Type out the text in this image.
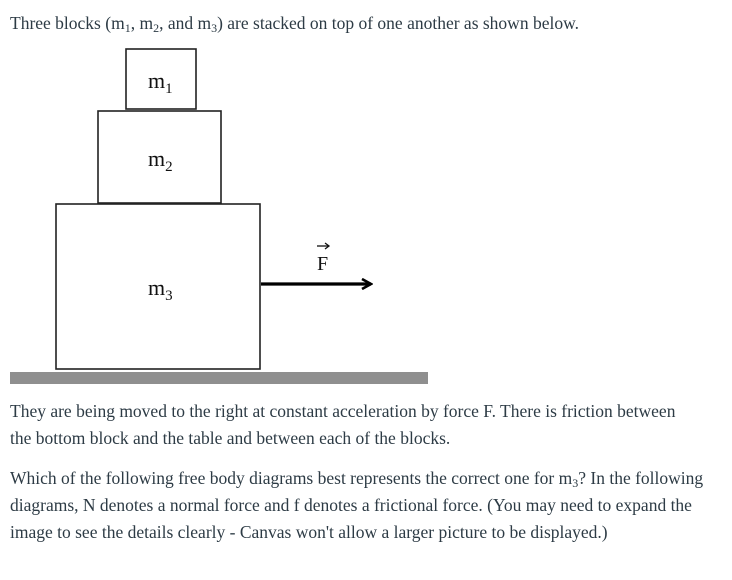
Three blocks ($m_1$, $m_2$, and $m_3$) are stacked on top of one another as shown below.

$m_3$
$m_2$
$m_1$
F

They are being moved to the right at constant acceleration by force F. There is friction between the bottom block and the table and between each of the blocks.

Which of the following free body diagrams best represents the correct one for $m_3$? In the following diagrams, N denotes a normal force and f denotes a frictional force. (You may need to expand the image to see the details clearly - Canvas won't allow a larger picture to be displayed.)
